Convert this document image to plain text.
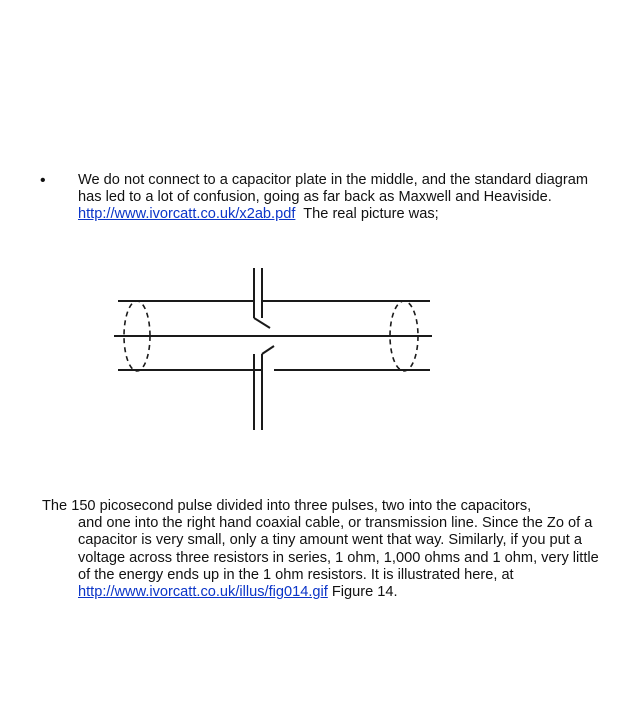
• We do not connect to a capacitor plate in the middle, and the standard diagram has led to a lot of confusion, going as far back as Maxwell and Heaviside. http://www.ivorcatt.co.uk/x2ab.pdf  The real picture was;
The 150 picosecond pulse divided into three pulses, two into the capacitors,
and one into the right hand coaxial cable, or transmission line. Since the Zo of a capacitor is very small, only a tiny amount went that way. Similarly, if you put a voltage across three resistors in series, 1 ohm, 1,000 ohms and 1 ohm, very little of the energy ends up in the 1 ohm resistors. It is illustrated here, at http://www.ivorcatt.co.uk/illus/fig014.gif Figure 14.
